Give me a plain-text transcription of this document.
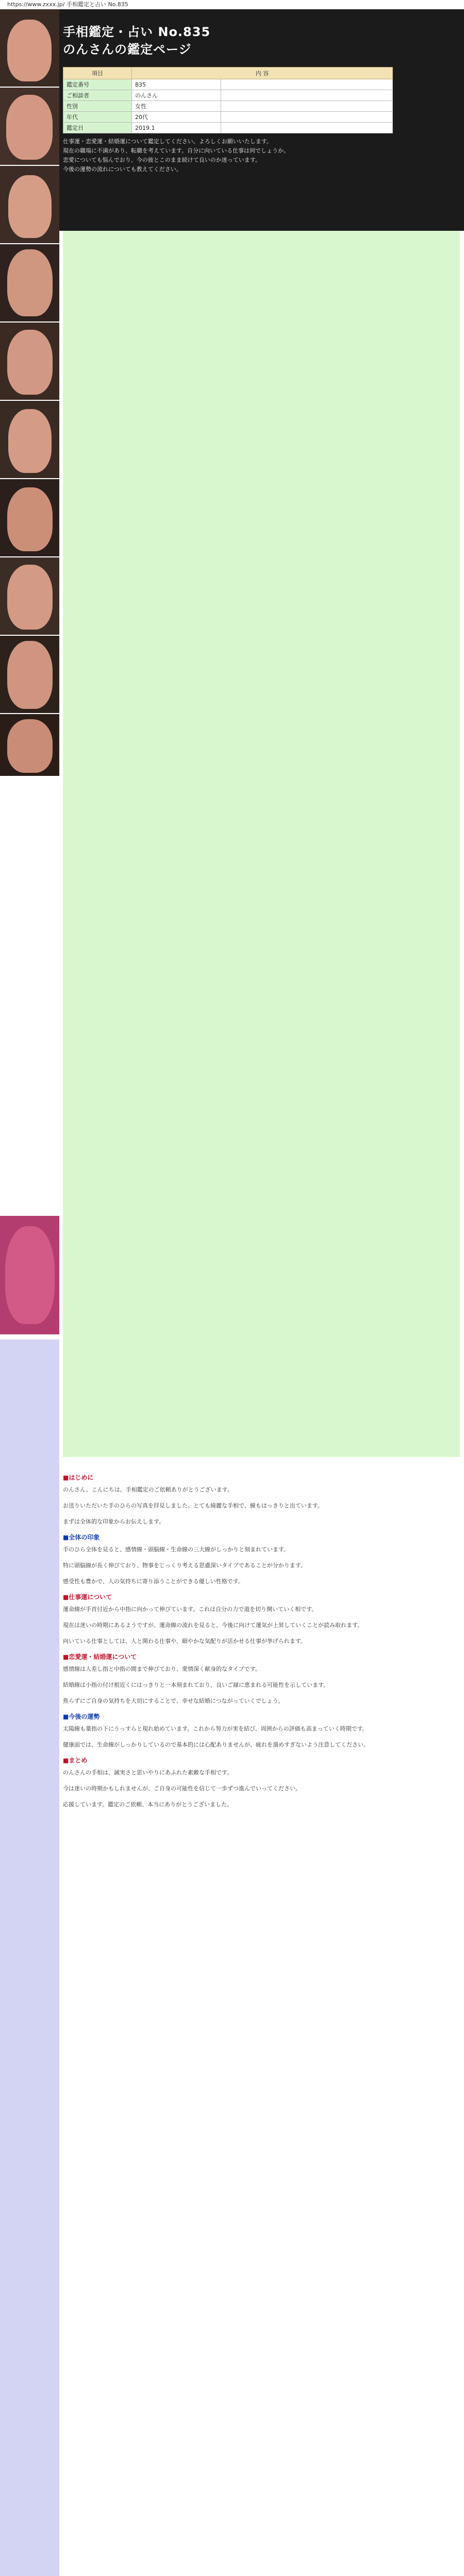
https://www.zxxx.jp/ 手相鑑定と占い No.835
手相鑑定・占い No.835
のんさんの鑑定ページ
項目	内 容	
鑑定番号	835	
ご相談者	のんさん	
性別	女性	
年代	20代	
鑑定日	2019.1	
仕事運・恋愛運・結婚運について鑑定してください。よろしくお願いいたします。
現在の職場に不満があり、転職を考えています。自分に向いている仕事は何でしょうか。
恋愛についても悩んでおり、今の彼とこのまま続けて良いのか迷っています。
今後の運勢の流れについても教えてください。
■はじめに

のんさん、こんにちは。手相鑑定のご依頼ありがとうございます。

お送りいただいた手のひらの写真を拝見しました。とても綺麗な手相で、線もはっきりと出ています。

まずは全体的な印象からお伝えします。

■全体の印象

手のひら全体を見ると、感情線・頭脳線・生命線の三大線がしっかりと刻まれています。

特に頭脳線が長く伸びており、物事をじっくり考える思慮深いタイプであることが分かります。

感受性も豊かで、人の気持ちに寄り添うことができる優しい性格です。

■仕事運について

運命線が手首付近から中指に向かって伸びています。これは自分の力で道を切り開いていく相です。

現在は迷いの時期にあるようですが、運命線の流れを見ると、今後に向けて運気が上昇していくことが読み取れます。

向いている仕事としては、人と関わる仕事や、細やかな気配りが活かせる仕事が挙げられます。

■恋愛運・結婚運について

感情線は人差し指と中指の間まで伸びており、愛情深く献身的なタイプです。

結婚線は小指の付け根近くにはっきりと一本刻まれており、良いご縁に恵まれる可能性を示しています。

焦らずにご自身の気持ちを大切にすることで、幸せな結婚につながっていくでしょう。

■今後の運勢

太陽線も薬指の下にうっすらと現れ始めています。これから努力が実を結び、周囲からの評価も高まっていく時期です。

健康面では、生命線がしっかりしているので基本的には心配ありませんが、疲れを溜めすぎないよう注意してください。

■まとめ

のんさんの手相は、誠実さと思いやりにあふれた素敵な手相です。

今は迷いの時期かもしれませんが、ご自身の可能性を信じて一歩ずつ進んでいってください。

応援しています。鑑定のご依頼、本当にありがとうございました。
